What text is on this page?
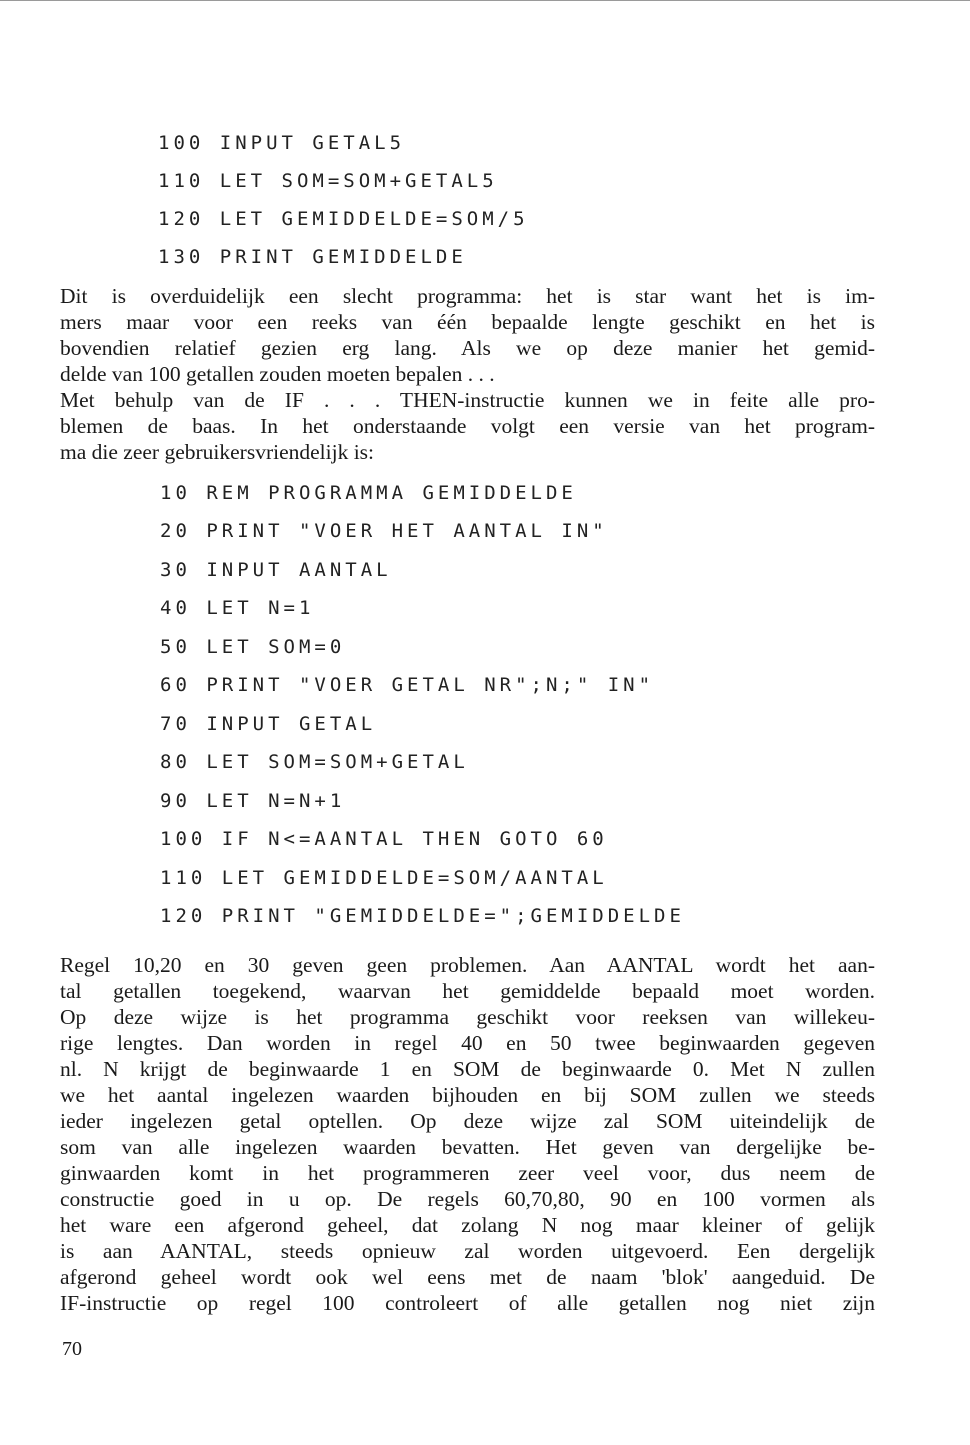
100 INPUT GETAL5
110 LET SOM=SOM+GETAL5
120 LET GEMIDDELDE=SOM/5
130 PRINT GEMIDDELDE
Dit is overduidelijk een slecht programma: het is star want het is im-
mers maar voor een reeks van één bepaalde lengte geschikt en het is
bovendien relatief gezien erg lang. Als we op deze manier het gemid-
delde van 100 getallen zouden moeten bepalen . . .
Met behulp van de IF . . . THEN-instructie kunnen we in feite alle pro-
blemen de baas. In het onderstaande volgt een versie van het program-
ma die zeer gebruikersvriendelijk is:
10 REM PROGRAMMA GEMIDDELDE
20 PRINT "VOER HET AANTAL IN"
30 INPUT AANTAL
40 LET N=1
50 LET SOM=0
60 PRINT "VOER GETAL NR";N;" IN"
70 INPUT GETAL
80 LET SOM=SOM+GETAL
90 LET N=N+1
100 IF N<=AANTAL THEN GOTO 60
110 LET GEMIDDELDE=SOM/AANTAL
120 PRINT "GEMIDDELDE=";GEMIDDELDE
Regel 10,20 en 30 geven geen problemen. Aan AANTAL wordt het aan-
tal getallen toegekend, waarvan het gemiddelde bepaald moet worden.
Op deze wijze is het programma geschikt voor reeksen van willekeu-
rige lengtes. Dan worden in regel 40 en 50 twee beginwaarden gegeven
nl. N krijgt de beginwaarde 1 en SOM de beginwaarde 0. Met N zullen
we het aantal ingelezen waarden bijhouden en bij SOM zullen we steeds
ieder ingelezen getal optellen. Op deze wijze zal SOM uiteindelijk de
som van alle ingelezen waarden bevatten. Het geven van dergelijke be-
ginwaarden komt in het programmeren zeer veel voor, dus neem de
constructie goed in u op. De regels 60,70,80, 90 en 100 vormen als
het ware een afgerond geheel, dat zolang N nog maar kleiner of gelijk
is aan AANTAL, steeds opnieuw zal worden uitgevoerd. Een dergelijk
afgerond geheel wordt ook wel eens met de naam 'blok' aangeduid. De
IF-instructie op regel 100 controleert of alle getallen nog niet zijn
70
